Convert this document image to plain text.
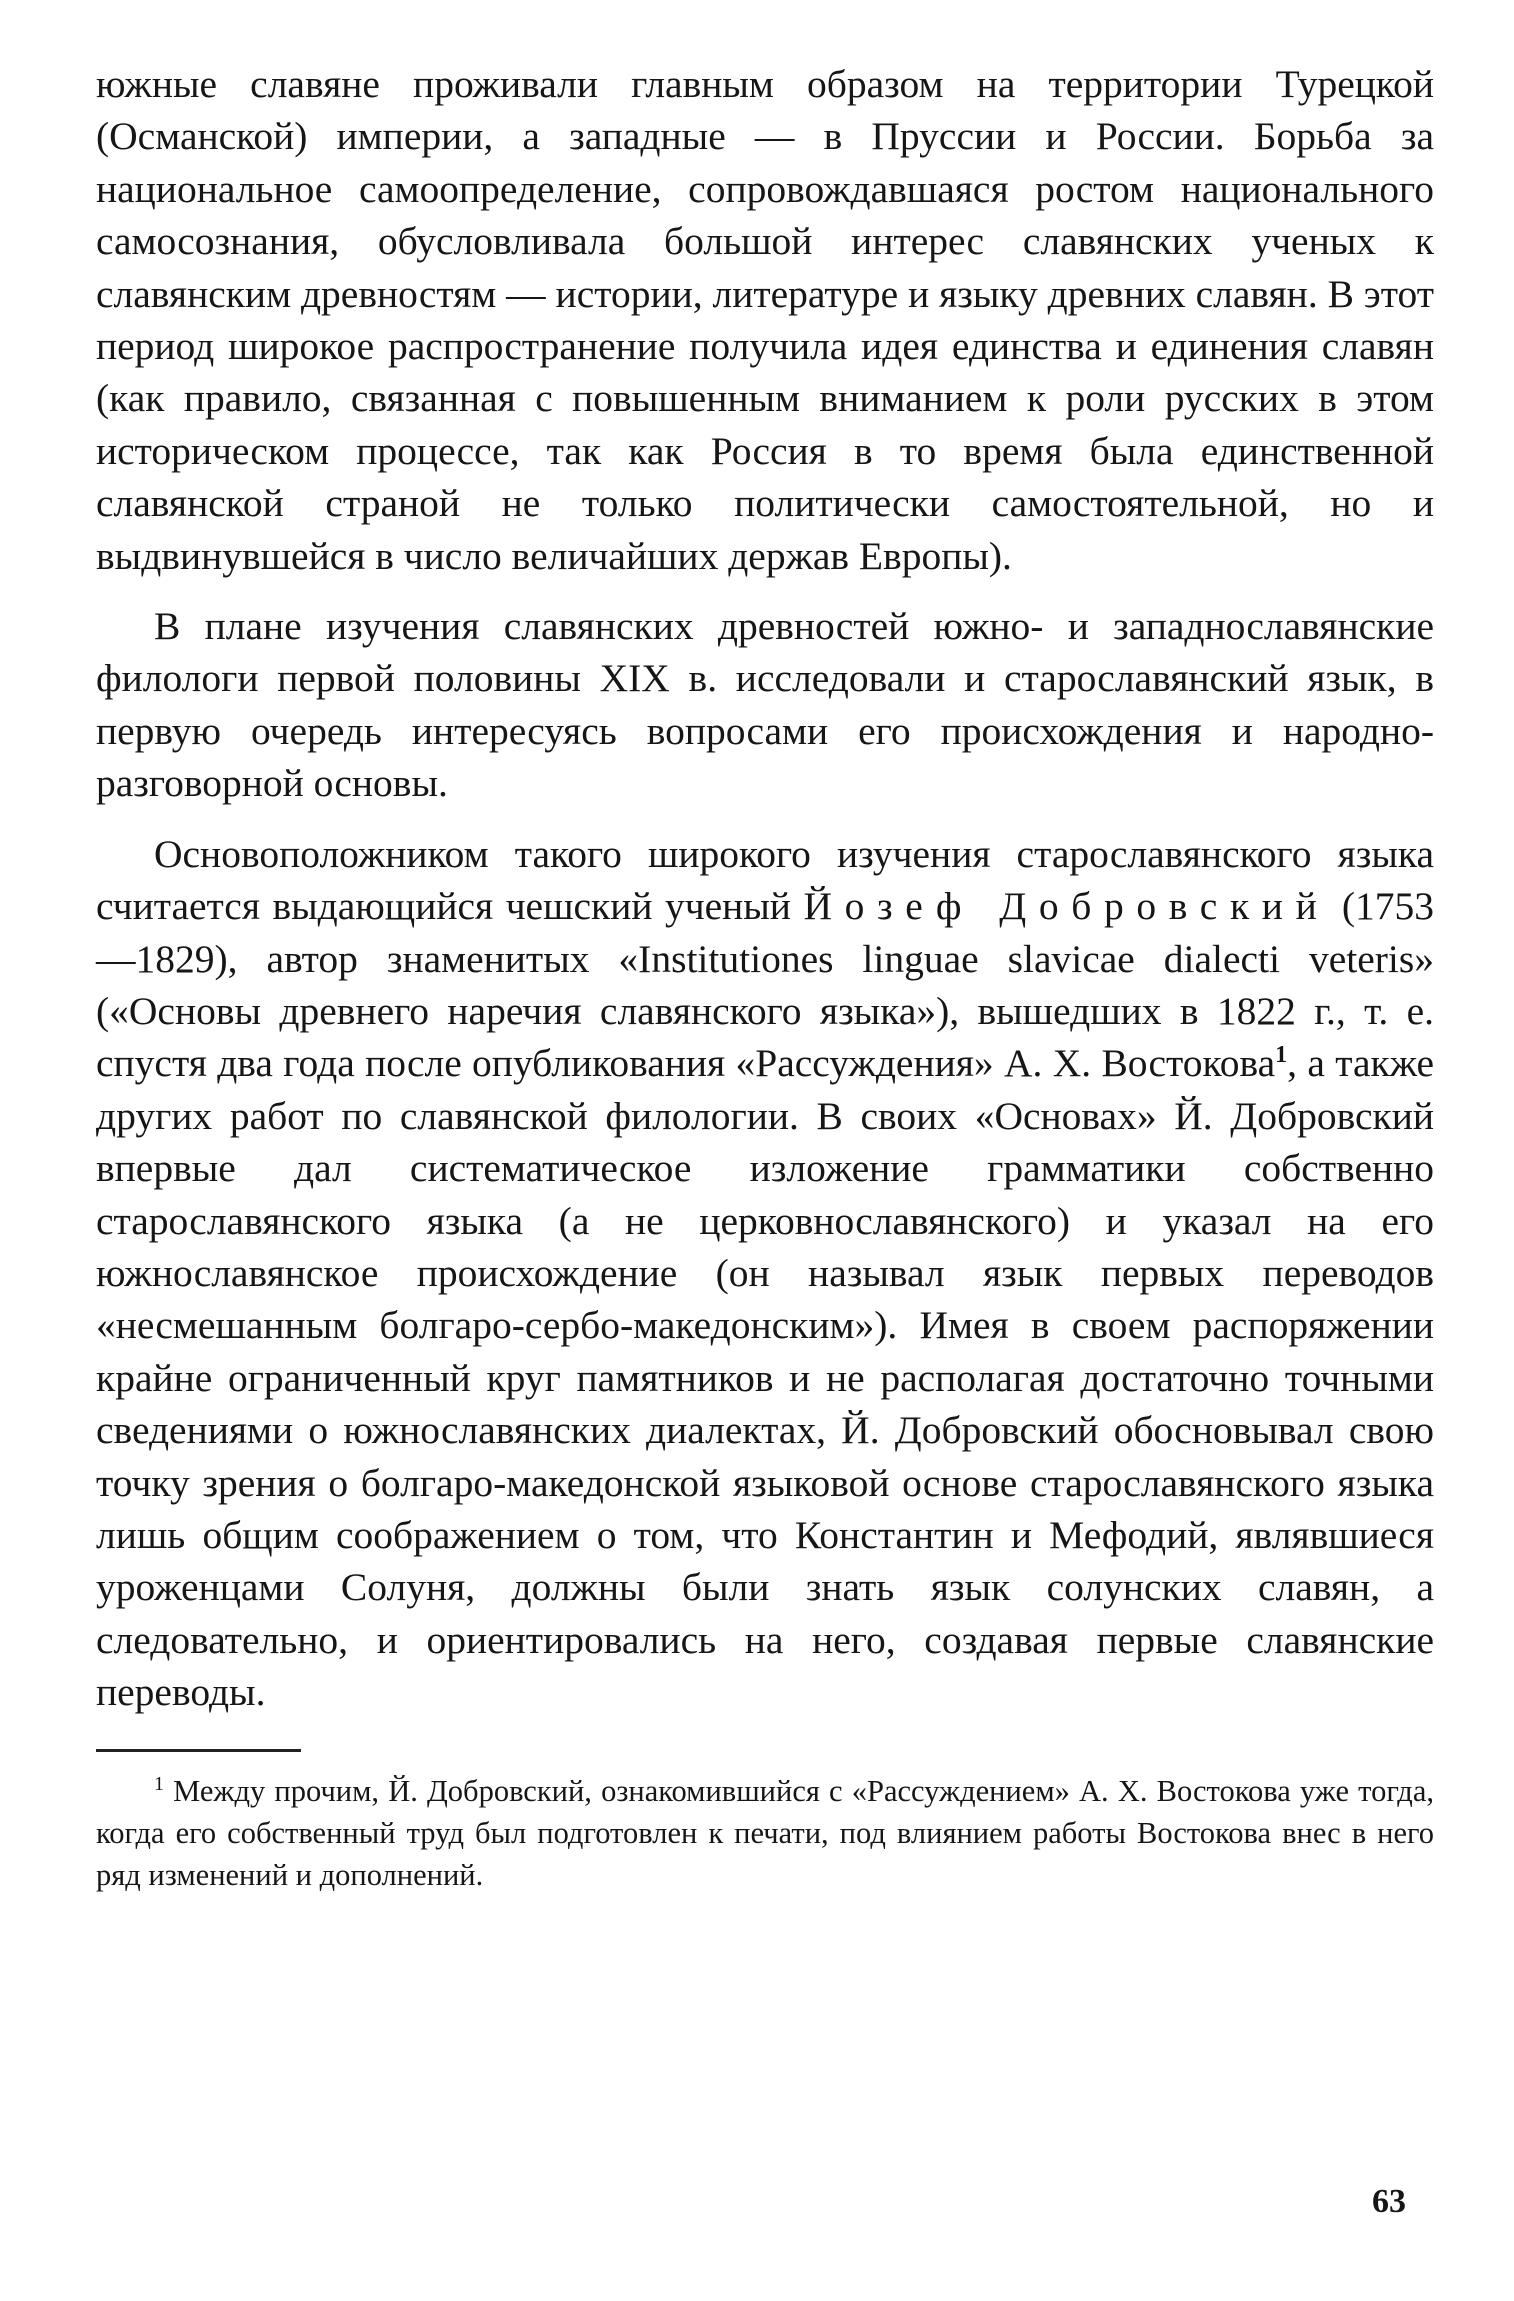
южные славяне проживали главным образом на территории Турецкой (Османской) империи, а западные — в Пруссии и России. Борьба за национальное самоопределение, сопровождавшаяся ростом национального самосознания, обусловливала большой интерес славянских ученых к славянским древностям — истории, литературе и языку древних славян. В этот период широкое распространение получила идея единства и единения славян (как правило, связанная с повышенным вниманием к роли русских в этом историческом процессе, так как Россия в то время была единственной славянской страной не только политически самостоятельной, но и выдвинувшейся в число величайших держав Европы).

В плане изучения славянских древностей южно- и западнославянские филологи первой половины XIX в. исследовали и старославянский язык, в первую очередь интересуясь вопросами его происхождения и народно-разговорной основы.

Основоположником такого широкого изучения старославянского языка считается выдающийся чешский ученый Йозеф Добровский (1753—1829), автор знаменитых «Institutiones linguae slavicae dialecti veteris» («Основы древнего наречия славянского языка»), вышедших в 1822 г., т. е. спустя два года после опубликования «Рассуждения» А. Х. Востокова$^1$, а также других работ по славянской филологии. В своих «Основах» Й. Добровский впервые дал систематическое изложение грамматики собственно старославянского языка (а не церковнославянского) и указал на его южнославянское происхождение (он называл язык первых переводов «несмешанным болгаро-сербо-македонским»). Имея в своем распоряжении крайне ограниченный круг памятников и не располагая достаточно точными сведениями о южнославянских диалектах, Й. Добровский обосновывал свою точку зрения о болгаро-македонской языковой основе старославянского языка лишь общим соображением о том, что Константин и Мефодий, являвшиеся уроженцами Солуня, должны были знать язык солунских славян, а следовательно, и ориентировались на него, создавая первые славянские переводы.

$^1$ Между прочим, Й. Добровский, ознакомившийся с «Рассуждением» А. Х. Востокова уже тогда, когда его собственный труд был подготовлен к печати, под влиянием работы Востокова внес в него ряд изменений и дополнений.

63
